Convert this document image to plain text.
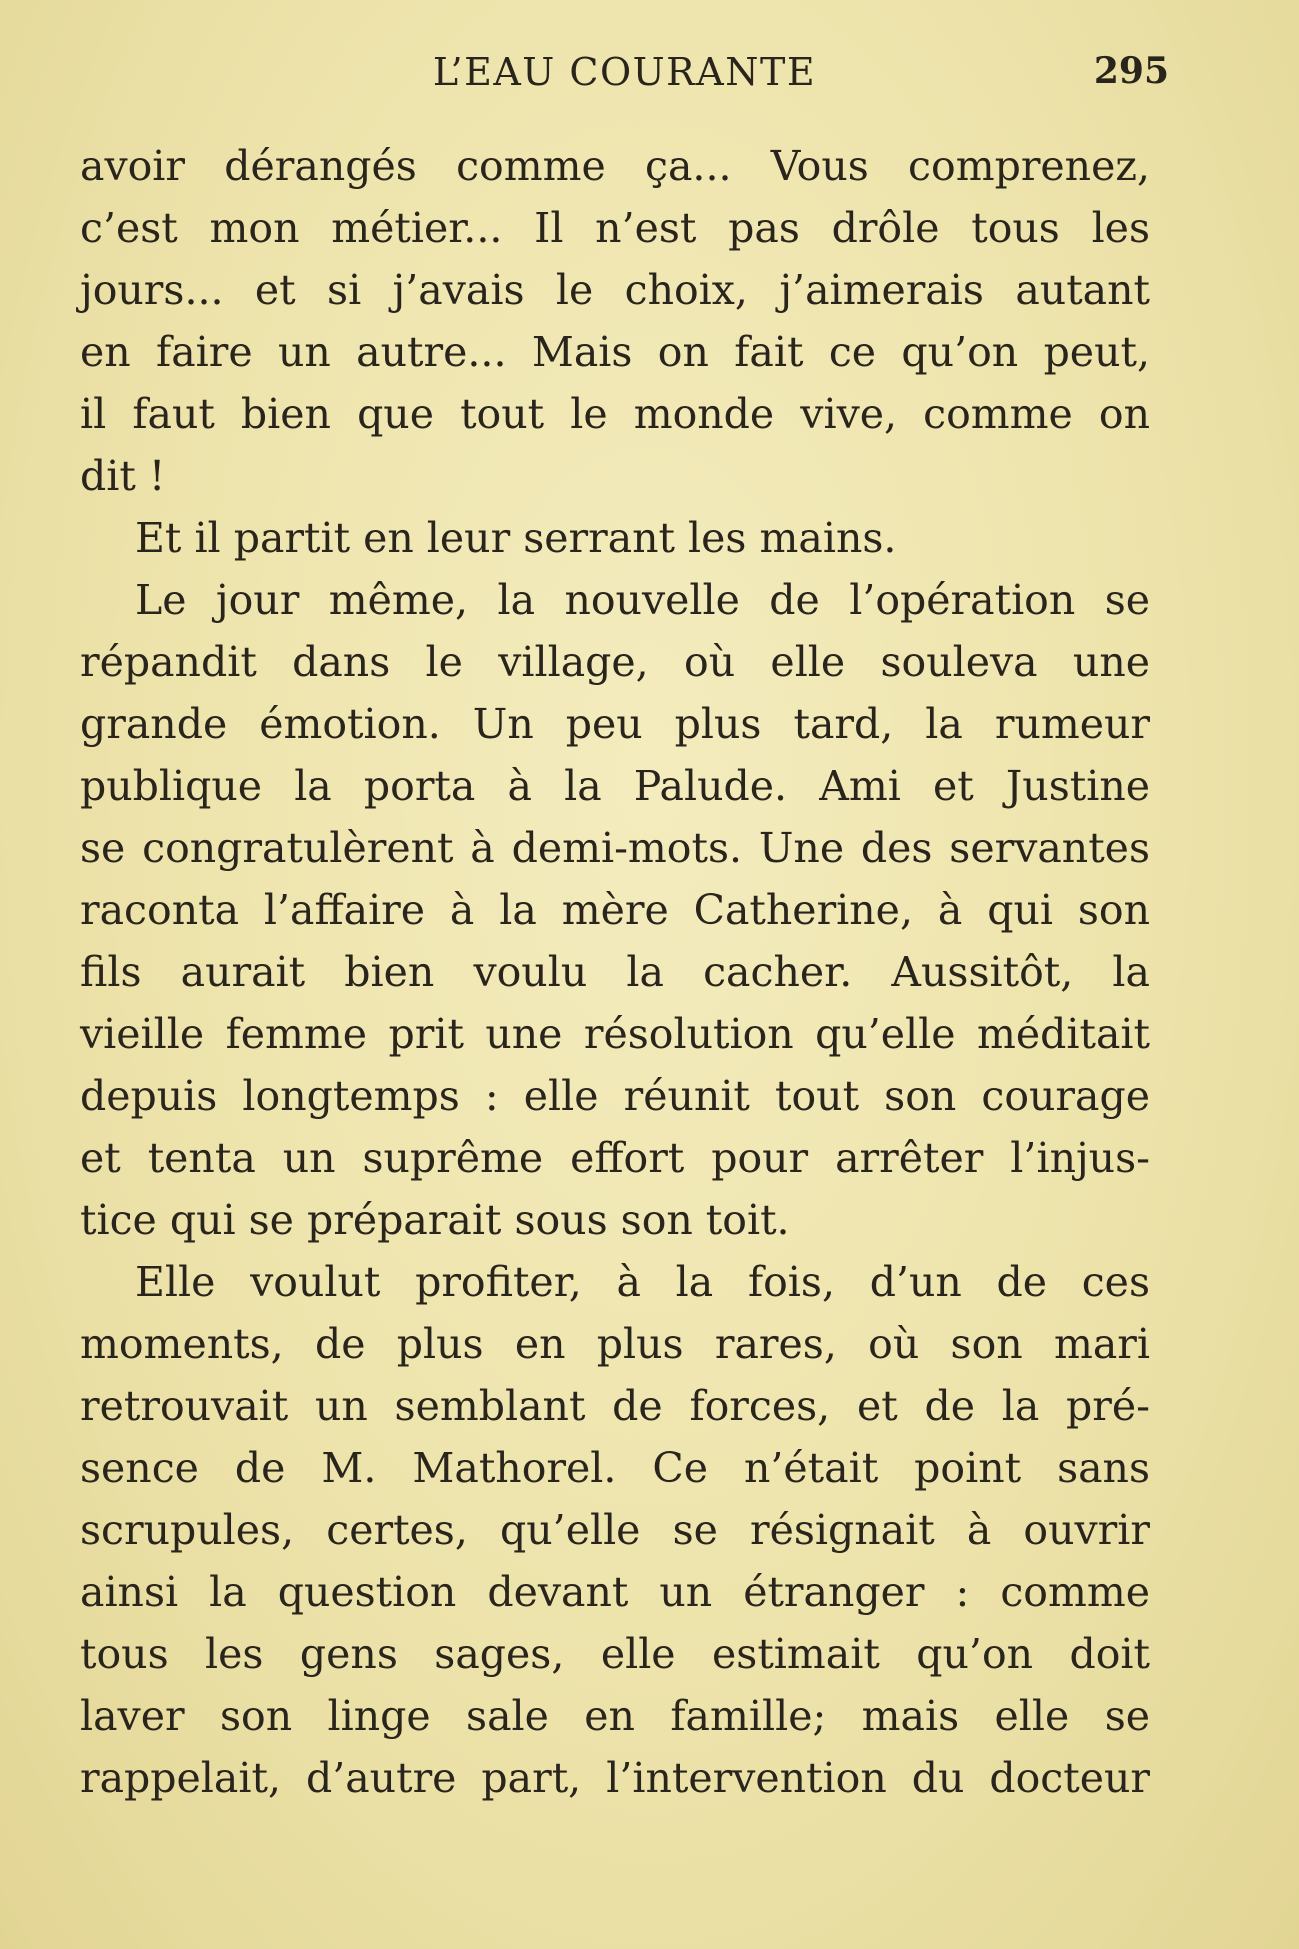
L’EAU COURANTE	295
avoir dérangés comme ça... Vous comprenez,
c’est mon métier... Il n’est pas drôle tous les
jours... et si j’avais le choix, j’aimerais autant
en faire un autre... Mais on fait ce qu’on peut,
il faut bien que tout le monde vive, comme on
dit !
Et il partit en leur serrant les mains.
Le jour même, la nouvelle de l’opération se
répandit dans le village, où elle souleva une
grande émotion. Un peu plus tard, la rumeur
publique la porta à la Palude. Ami et Justine
se congratulèrent à demi-mots. Une des servantes
raconta l’affaire à la mère Catherine, à qui son
fils aurait bien voulu la cacher. Aussitôt, la
vieille femme prit une résolution qu’elle méditait
depuis longtemps : elle réunit tout son courage
et tenta un suprême effort pour arrêter l’injus-
tice qui se préparait sous son toit.
Elle voulut profiter, à la fois, d’un de ces
moments, de plus en plus rares, où son mari
retrouvait un semblant de forces, et de la pré-
sence de M. Mathorel. Ce n’était point sans
scrupules, certes, qu’elle se résignait à ouvrir
ainsi la question devant un étranger : comme
tous les gens sages, elle estimait qu’on doit
laver son linge sale en famille; mais elle se
rappelait, d’autre part, l’intervention du docteur
